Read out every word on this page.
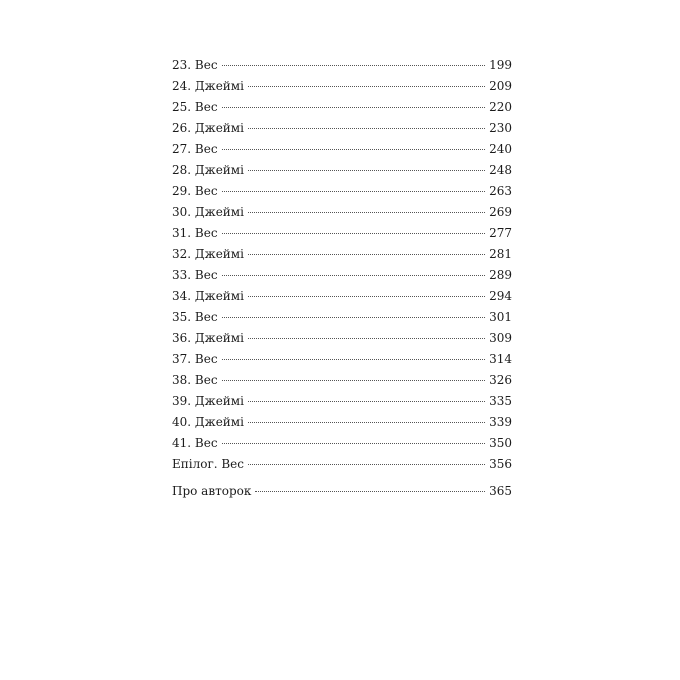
23. Вес	199
24. Джеймі	209
25. Вес	220
26. Джеймі	230
27. Вес	240
28. Джеймі	248
29. Вес	263
30. Джеймі	269
31. Вес	277
32. Джеймі	281
33. Вес	289
34. Джеймі	294
35. Вес	301
36. Джеймі	309
37. Вес	314
38. Вес	326
39. Джеймі	335
40. Джеймі	339
41. Вес	350
Епілог. Вес	356
Про авторок	365
